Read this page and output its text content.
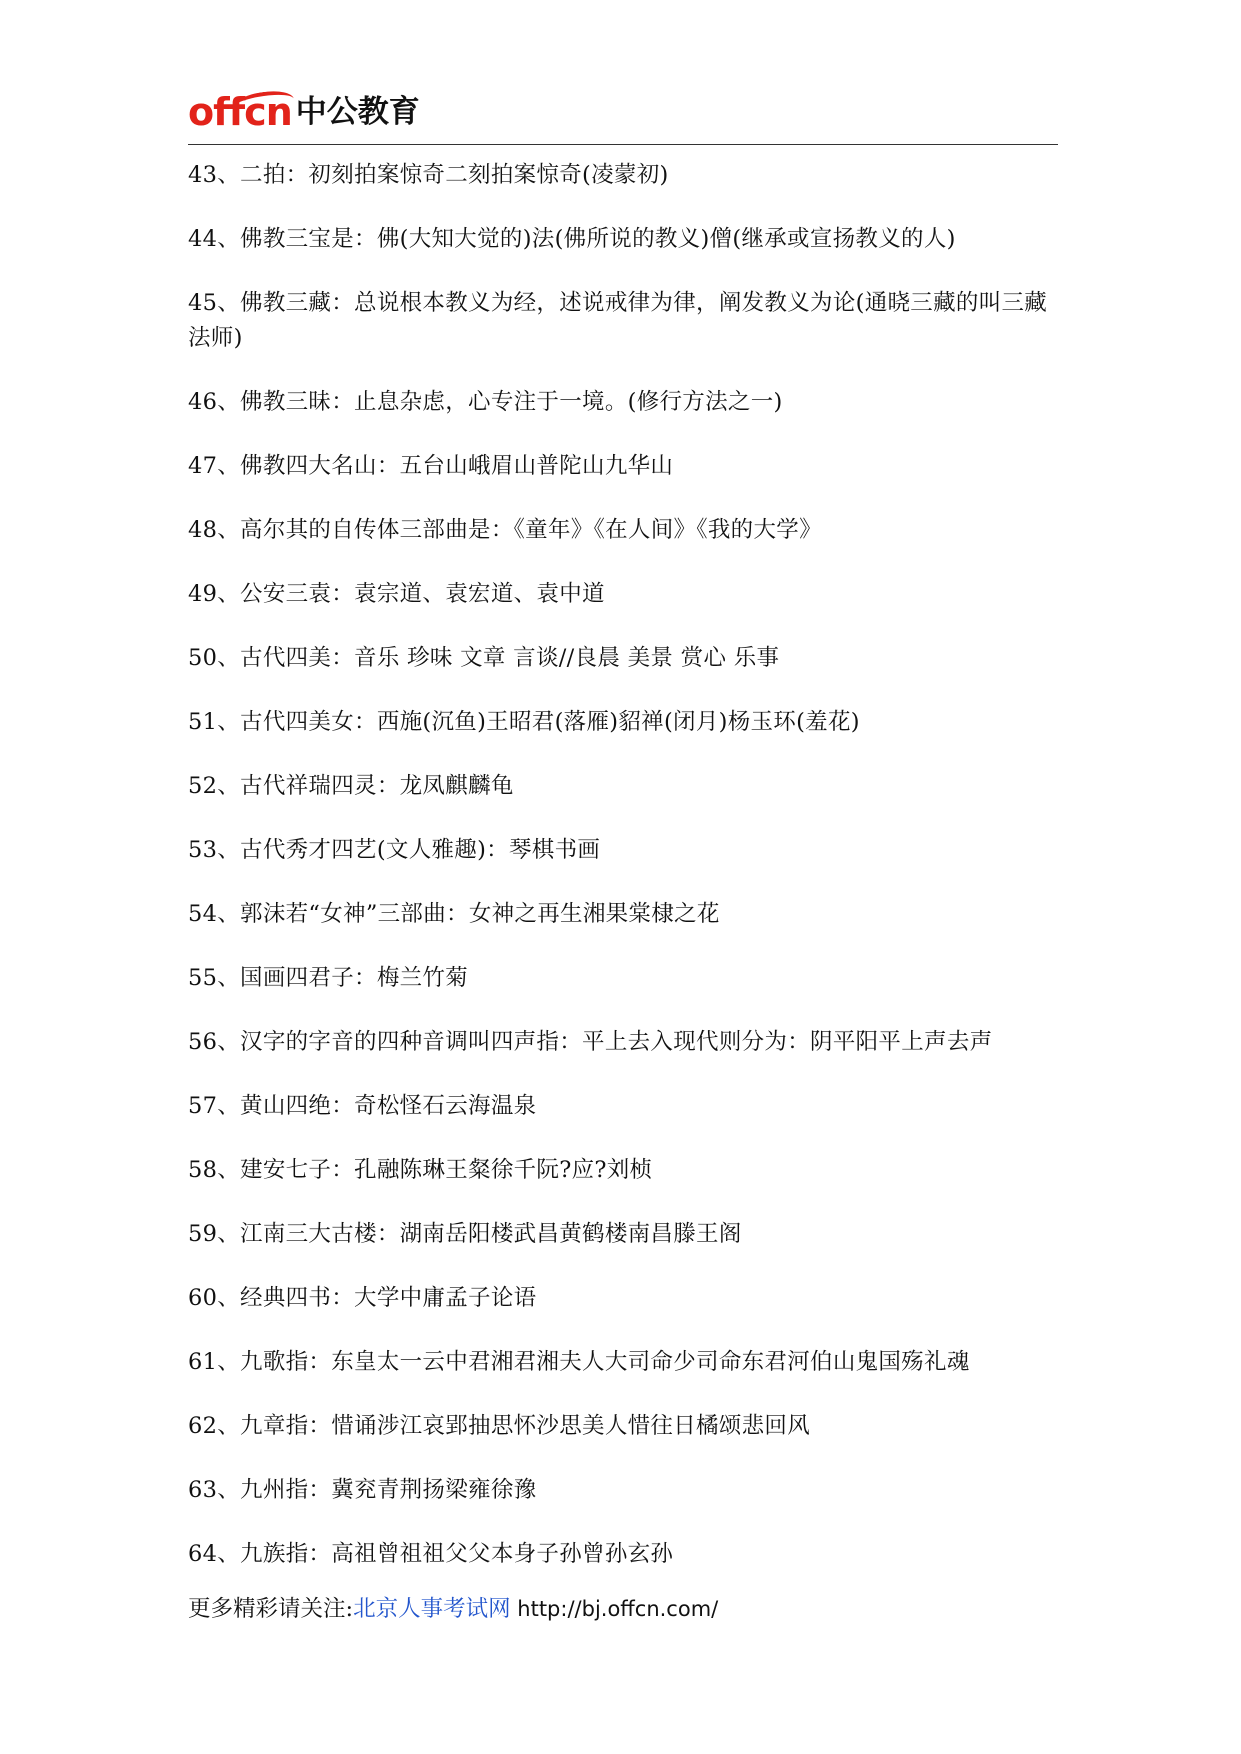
offcn 中公教育

43、二拍：初刻拍案惊奇二刻拍案惊奇(凌蒙初)

44、佛教三宝是：佛(大知大觉的)法(佛所说的教义)僧(继承或宣扬教义的人)

45、佛教三藏：总说根本教义为经，述说戒律为律，阐发教义为论(通晓三藏的叫三藏法师)

46、佛教三昧：止息杂虑，心专注于一境。(修行方法之一)

47、佛教四大名山：五台山峨眉山普陀山九华山

48、高尔其的自传体三部曲是：《童年》《在人间》《我的大学》

49、公安三袁：袁宗道、袁宏道、袁中道

50、古代四美：音乐 珍味 文章 言谈//良晨 美景 赏心 乐事

51、古代四美女：西施(沉鱼)王昭君(落雁)貂禅(闭月)杨玉环(羞花)

52、古代祥瑞四灵：龙凤麒麟龟

53、古代秀才四艺(文人雅趣)：琴棋书画

54、郭沫若“女神”三部曲：女神之再生湘果棠棣之花

55、国画四君子：梅兰竹菊

56、汉字的字音的四种音调叫四声指：平上去入现代则分为：阴平阳平上声去声

57、黄山四绝：奇松怪石云海温泉

58、建安七子：孔融陈琳王粲徐千阮?应?刘桢

59、江南三大古楼：湖南岳阳楼武昌黄鹤楼南昌滕王阁

60、经典四书：大学中庸孟子论语

61、九歌指：东皇太一云中君湘君湘夫人大司命少司命东君河伯山鬼国殇礼魂

62、九章指：惜诵涉江哀郢抽思怀沙思美人惜往日橘颂悲回风

63、九州指：冀兖青荆扬梁雍徐豫

64、九族指：高祖曾祖祖父父本身子孙曾孙玄孙

更多精彩请关注:北京人事考试网 http://bj.offcn.com/
